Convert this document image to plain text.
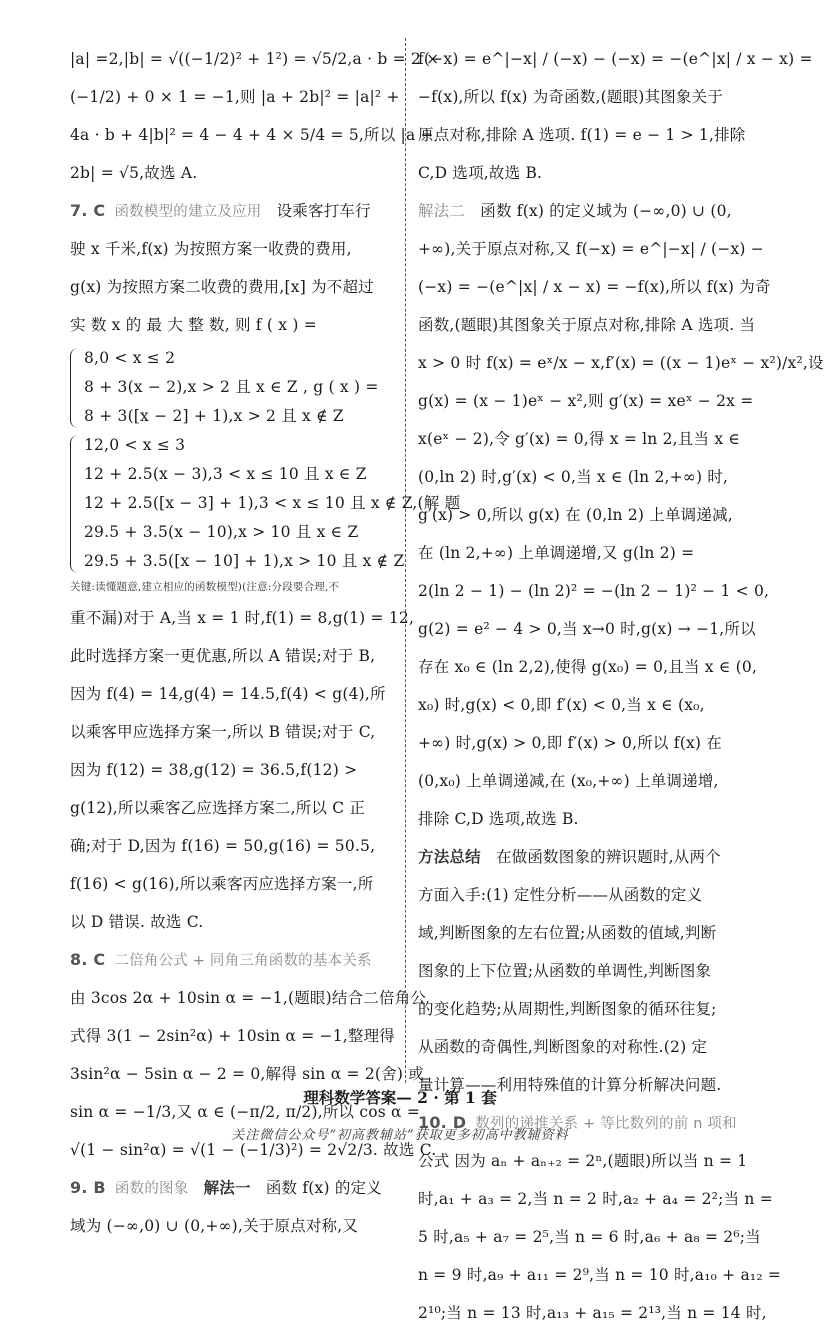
|a| =2,|b| = √((−1/2)² + 1²) = √5/2,a · b = 2 ×
(−1/2) + 0 × 1 = −1,则 |a + 2b|² = |a|² +
4a · b + 4|b|² = 4 − 4 + 4 × 5/4 = 5,所以 |a +
2b| = √5,故选 A.
7. C 函数模型的建立及应用 设乘客打车行
驶 x 千米,f(x) 为按照方案一收费的费用,
g(x) 为按照方案二收费的费用,[x] 为不超过
实 数 x 的 最 大 整 数, 则 f ( x ) =
8,0 < x ≤ 2
8 + 3(x − 2),x > 2 且 x ∈ Z , g ( x ) =
8 + 3([x − 2] + 1),x > 2 且 x ∉ Z
12,0 < x ≤ 3
12 + 2.5(x − 3),3 < x ≤ 10 且 x ∈ Z
12 + 2.5([x − 3] + 1),3 < x ≤ 10 且 x ∉ Z,(解 题
29.5 + 3.5(x − 10),x > 10 且 x ∈ Z
29.5 + 3.5([x − 10] + 1),x > 10 且 x ∉ Z
关键:读懂题意,建立相应的函数模型)(注意:分段要合理,不
重不漏)对于 A,当 x = 1 时,f(1) = 8,g(1) = 12,
此时选择方案一更优惠,所以 A 错误;对于 B,
因为 f(4) = 14,g(4) = 14.5,f(4) < g(4),所
以乘客甲应选择方案一,所以 B 错误;对于 C,
因为 f(12) = 38,g(12) = 36.5,f(12) >
g(12),所以乘客乙应选择方案二,所以 C 正
确;对于 D,因为 f(16) = 50,g(16) = 50.5,
f(16) < g(16),所以乘客丙应选择方案一,所
以 D 错误. 故选 C.
8. C 二倍角公式 + 同角三角函数的基本关系
由 3cos 2α + 10sin α = −1,(题眼)结合二倍角公
式得 3(1 − 2sin²α) + 10sin α = −1,整理得
3sin²α − 5sin α − 2 = 0,解得 sin α = 2(舍) 或
sin α = −1/3,又 α ∈ (−π/2, π/2),所以 cos α =
√(1 − sin²α) = √(1 − (−1/3)²) = 2√2/3. 故选 C.
9. B 函数的图象 解法一 函数 f(x) 的定义
域为 (−∞,0) ∪ (0,+∞),关于原点对称,又
f(−x) = e^|−x| / (−x) − (−x) = −(e^|x| / x − x) =
−f(x),所以 f(x) 为奇函数,(题眼)其图象关于
原点对称,排除 A 选项. f(1) = e − 1 > 1,排除
C,D 选项,故选 B.
解法二 函数 f(x) 的定义域为 (−∞,0) ∪ (0,
+∞),关于原点对称,又 f(−x) = e^|−x| / (−x) −
(−x) = −(e^|x| / x − x) = −f(x),所以 f(x) 为奇
函数,(题眼)其图象关于原点对称,排除 A 选项. 当
x > 0 时 f(x) = eˣ/x − x,f′(x) = ((x − 1)eˣ − x²)/x²,设
g(x) = (x − 1)eˣ − x²,则 g′(x) = xeˣ − 2x =
x(eˣ − 2),令 g′(x) = 0,得 x = ln 2,且当 x ∈
(0,ln 2) 时,g′(x) < 0,当 x ∈ (ln 2,+∞) 时,
g′(x) > 0,所以 g(x) 在 (0,ln 2) 上单调递减,
在 (ln 2,+∞) 上单调递增,又 g(ln 2) =
2(ln 2 − 1) − (ln 2)² = −(ln 2 − 1)² − 1 < 0,
g(2) = e² − 4 > 0,当 x→0 时,g(x) → −1,所以
存在 x₀ ∈ (ln 2,2),使得 g(x₀) = 0,且当 x ∈ (0,
x₀) 时,g(x) < 0,即 f′(x) < 0,当 x ∈ (x₀,
+∞) 时,g(x) > 0,即 f′(x) > 0,所以 f(x) 在
(0,x₀) 上单调递减,在 (x₀,+∞) 上单调递增,
排除 C,D 选项,故选 B.
方法总结 在做函数图象的辨识题时,从两个
方面入手:(1) 定性分析——从函数的定义
域,判断图象的左右位置;从函数的值域,判断
图象的上下位置;从函数的单调性,判断图象
的变化趋势;从周期性,判断图象的循环往复;
从函数的奇偶性,判断图象的对称性.(2) 定
量计算——利用特殊值的计算分析解决问题.
10. D 数列的递推关系 + 等比数列的前 n 项和
公式 因为 aₙ + aₙ₊₂ = 2ⁿ,(题眼)所以当 n = 1
时,a₁ + a₃ = 2,当 n = 2 时,a₂ + a₄ = 2²;当 n =
5 时,a₅ + a₇ = 2⁵,当 n = 6 时,a₆ + a₈ = 2⁶;当
n = 9 时,a₉ + a₁₁ = 2⁹,当 n = 10 时,a₁₀ + a₁₂ =
2¹⁰;当 n = 13 时,a₁₃ + a₁₅ = 2¹³,当 n = 14 时,
理科数学答案— 2 · 第 1 套
关注微信公众号“初高教辅站”获取更多初高中教辅资料
